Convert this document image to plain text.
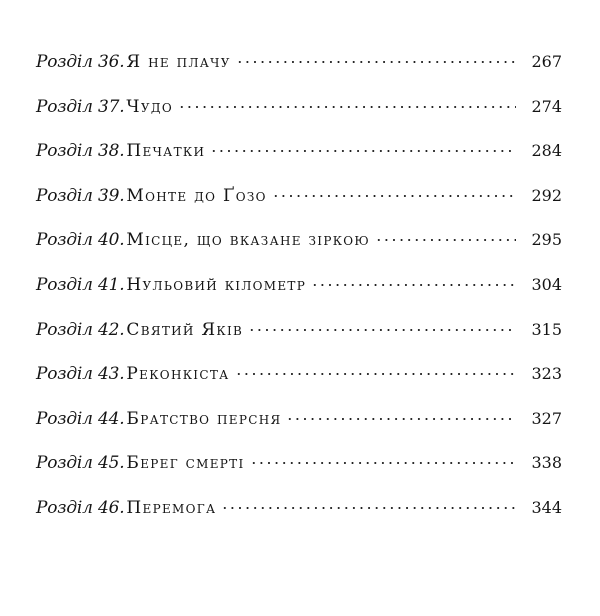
Розділ 36. Я не плачу	267
Розділ 37. Чудо	274
Розділ 38. Печатки	284
Розділ 39. Монте до Ґозо	292
Розділ 40. Місце, що вказане зіркою	295
Розділ 41. Нульовий кілометр	304
Розділ 42. Святий Яків	315
Розділ 43. Реконкіста	323
Розділ 44. Братство персня	327
Розділ 45. Берег смерті	338
Розділ 46. Перемога	344
